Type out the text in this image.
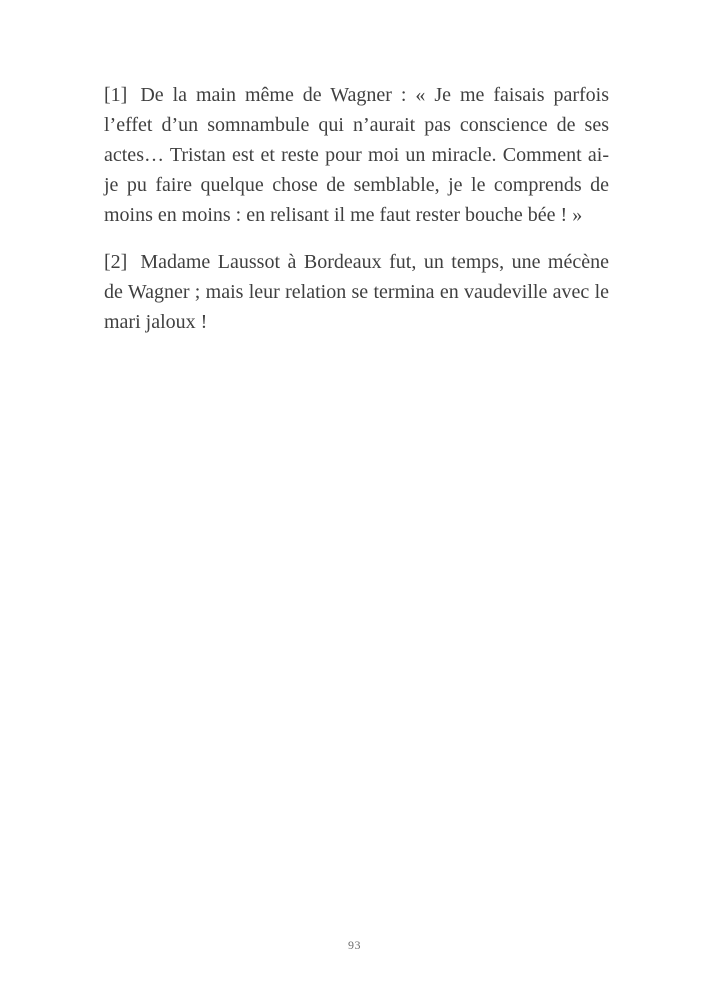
[1] De la main même de Wagner : « Je me faisais parfois l’effet d’un somnambule qui n’aurait pas conscience de ses actes… Tristan est et reste pour moi un miracle. Comment ai-je pu faire quelque chose de semblable, je le comprends de moins en moins : en relisant il me faut rester bouche bée ! »

[2] Madame Laussot à Bordeaux fut, un temps, une mécène de Wagner ; mais leur relation se termina en vaudeville avec le mari jaloux !

93
